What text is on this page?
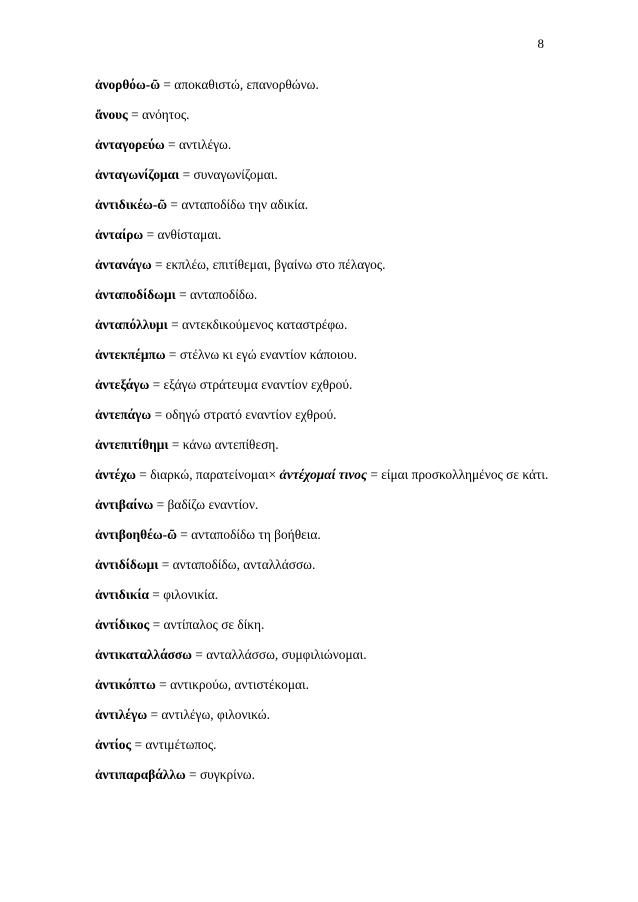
8
ἀνορθόω-ῶ = αποκαθιστώ, επανορθώνω.
ἄνους = ανόητος.
ἀνταγορεύω = αντιλέγω.
ἀνταγωνίζομαι = συναγωνίζομαι.
ἀντιδικέω-ῶ = ανταποδίδω την αδικία.
ἀνταίρω = ανθίσταμαι.
ἀντανάγω = εκπλέω, επιτίθεμαι, βγαίνω στο πέλαγος.
ἀνταποδίδωμι = ανταποδίδω.
ἀνταπόλλυμι = αντεκδικούμενος καταστρέφω.
ἀντεκπέμπω = στέλνω κι εγώ εναντίον κάποιου.
ἀντεξάγω = εξάγω στράτευμα εναντίον εχθρού.
ἀντεπάγω = οδηγώ στρατό εναντίον εχθρού.
ἀντεπιτίθημι = κάνω αντεπίθεση.
ἀντέχω = διαρκώ, παρατείνομαι× ἀντέχομαί τινος = είμαι προσκολλημένος σε κάτι.
ἀντιβαίνω = βαδίζω εναντίον.
ἀντιβοηθέω-ῶ = ανταποδίδω τη βοήθεια.
ἀντιδίδωμι = ανταποδίδω, ανταλλάσσω.
ἀντιδικία = φιλονικία.
ἀντίδικος = αντίπαλος σε δίκη.
ἀντικαταλλάσσω = ανταλλάσσω, συμφιλιώνομαι.
ἀντικόπτω = αντικρούω, αντιστέκομαι.
ἀντιλέγω = αντιλέγω, φιλονικώ.
ἀντίος = αντιμέτωπος.
ἀντιπαραβάλλω = συγκρίνω.
